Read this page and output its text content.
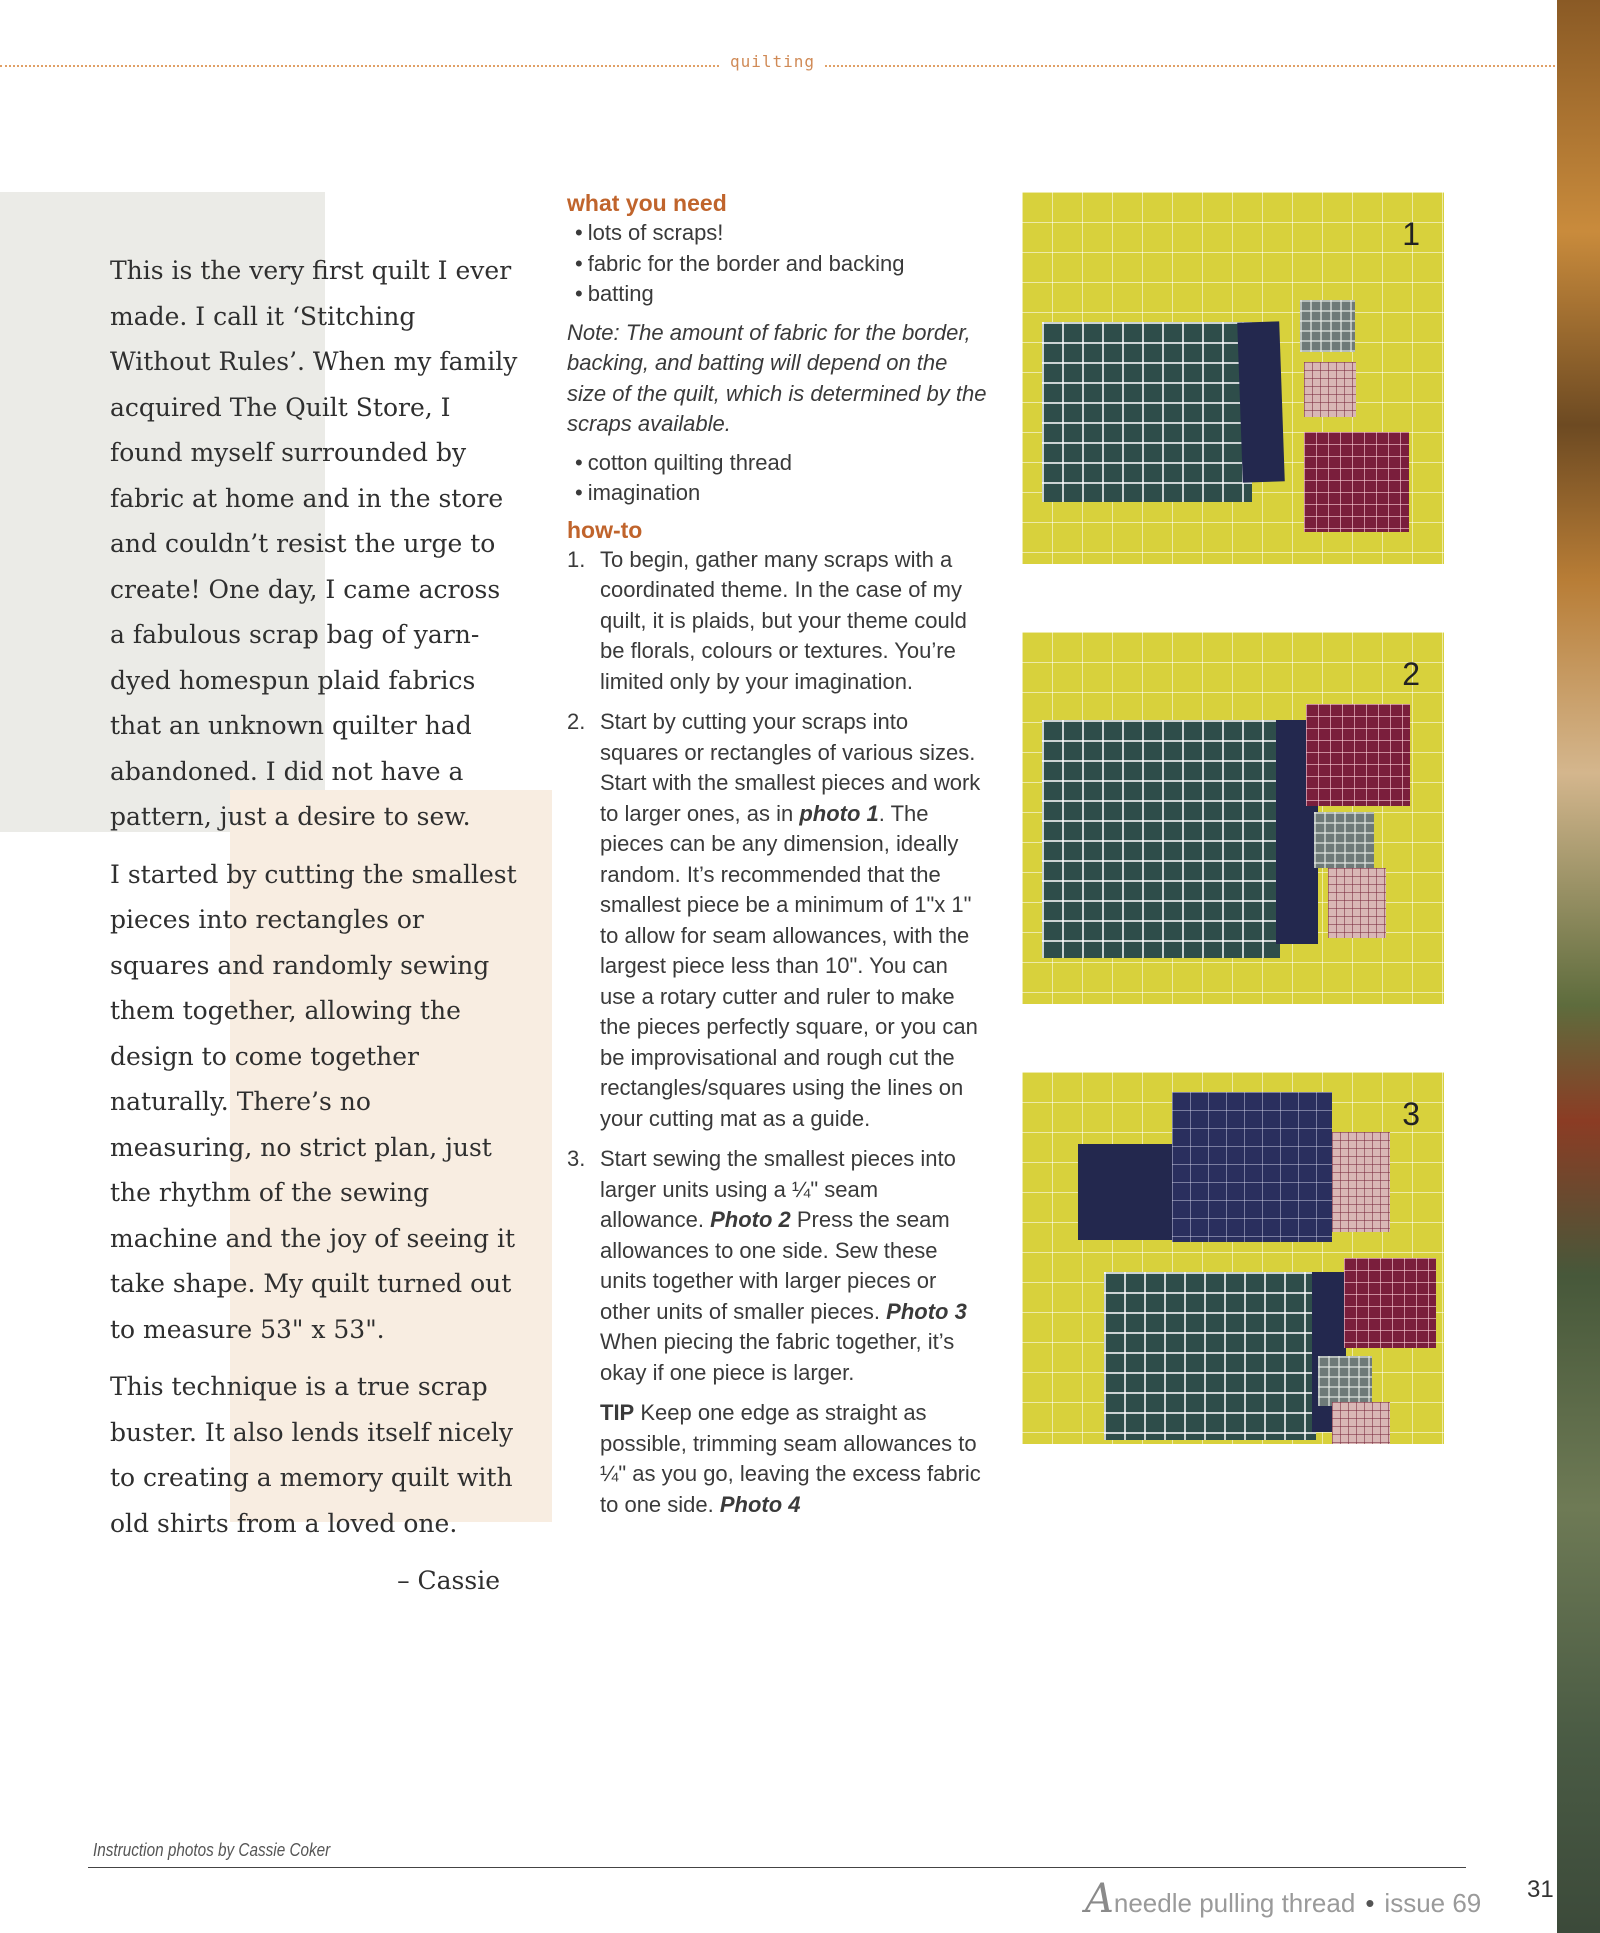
quilting

This is the very first quilt I ever made. I call it ‘Stitching Without Rules’. When my family acquired The Quilt Store, I found myself surrounded by fabric at home and in the store and couldn’t resist the urge to create! One day, I came across a fabulous scrap bag of yarn-dyed homespun plaid fabrics that an unknown quilter had abandoned. I did not have a pattern, just a desire to sew.

I started by cutting the smallest pieces into rectangles or squares and randomly sewing them together, allowing the design to come together naturally. There’s no measuring, no strict plan, just the rhythm of the sewing machine and the joy of seeing it take shape. My quilt turned out to measure 53" x 53".

This technique is a true scrap buster. It also lends itself nicely to creating a memory quilt with old shirts from a loved one.

– Cassie

what you need
• lots of scraps!
• fabric for the border and backing
• batting
Note: The amount of fabric for the border, backing, and batting will depend on the size of the quilt, which is determined by the scraps available.
• cotton quilting thread
• imagination
how-to
1. To begin, gather many scraps with a coordinated theme. In the case of my quilt, it is plaids, but your theme could be florals, colours or textures. You’re limited only by your imagination.
2. Start by cutting your scraps into squares or rectangles of various sizes. Start with the smallest pieces and work to larger ones, as in photo 1. The pieces can be any dimension, ideally random. It’s recommended that the smallest piece be a minimum of 1"x 1" to allow for seam allowances, with the largest piece less than 10". You can use a rotary cutter and ruler to make the pieces perfectly square, or you can be improvisational and rough cut the rectangles/squares using the lines on your cutting mat as a guide.
3. Start sewing the smallest pieces into larger units using a ¼" seam allowance. Photo 2 Press the seam allowances to one side. Sew these units together with larger pieces or other units of smaller pieces. Photo 3 When piecing the fabric together, it’s okay if one piece is larger.

TIP Keep one edge as straight as possible, trimming seam allowances to ¼" as you go, leaving the excess fabric to one side. Photo 4

1
2
3
Instruction photos by Cassie Coker
Aneedle pulling thread • issue 69 31
